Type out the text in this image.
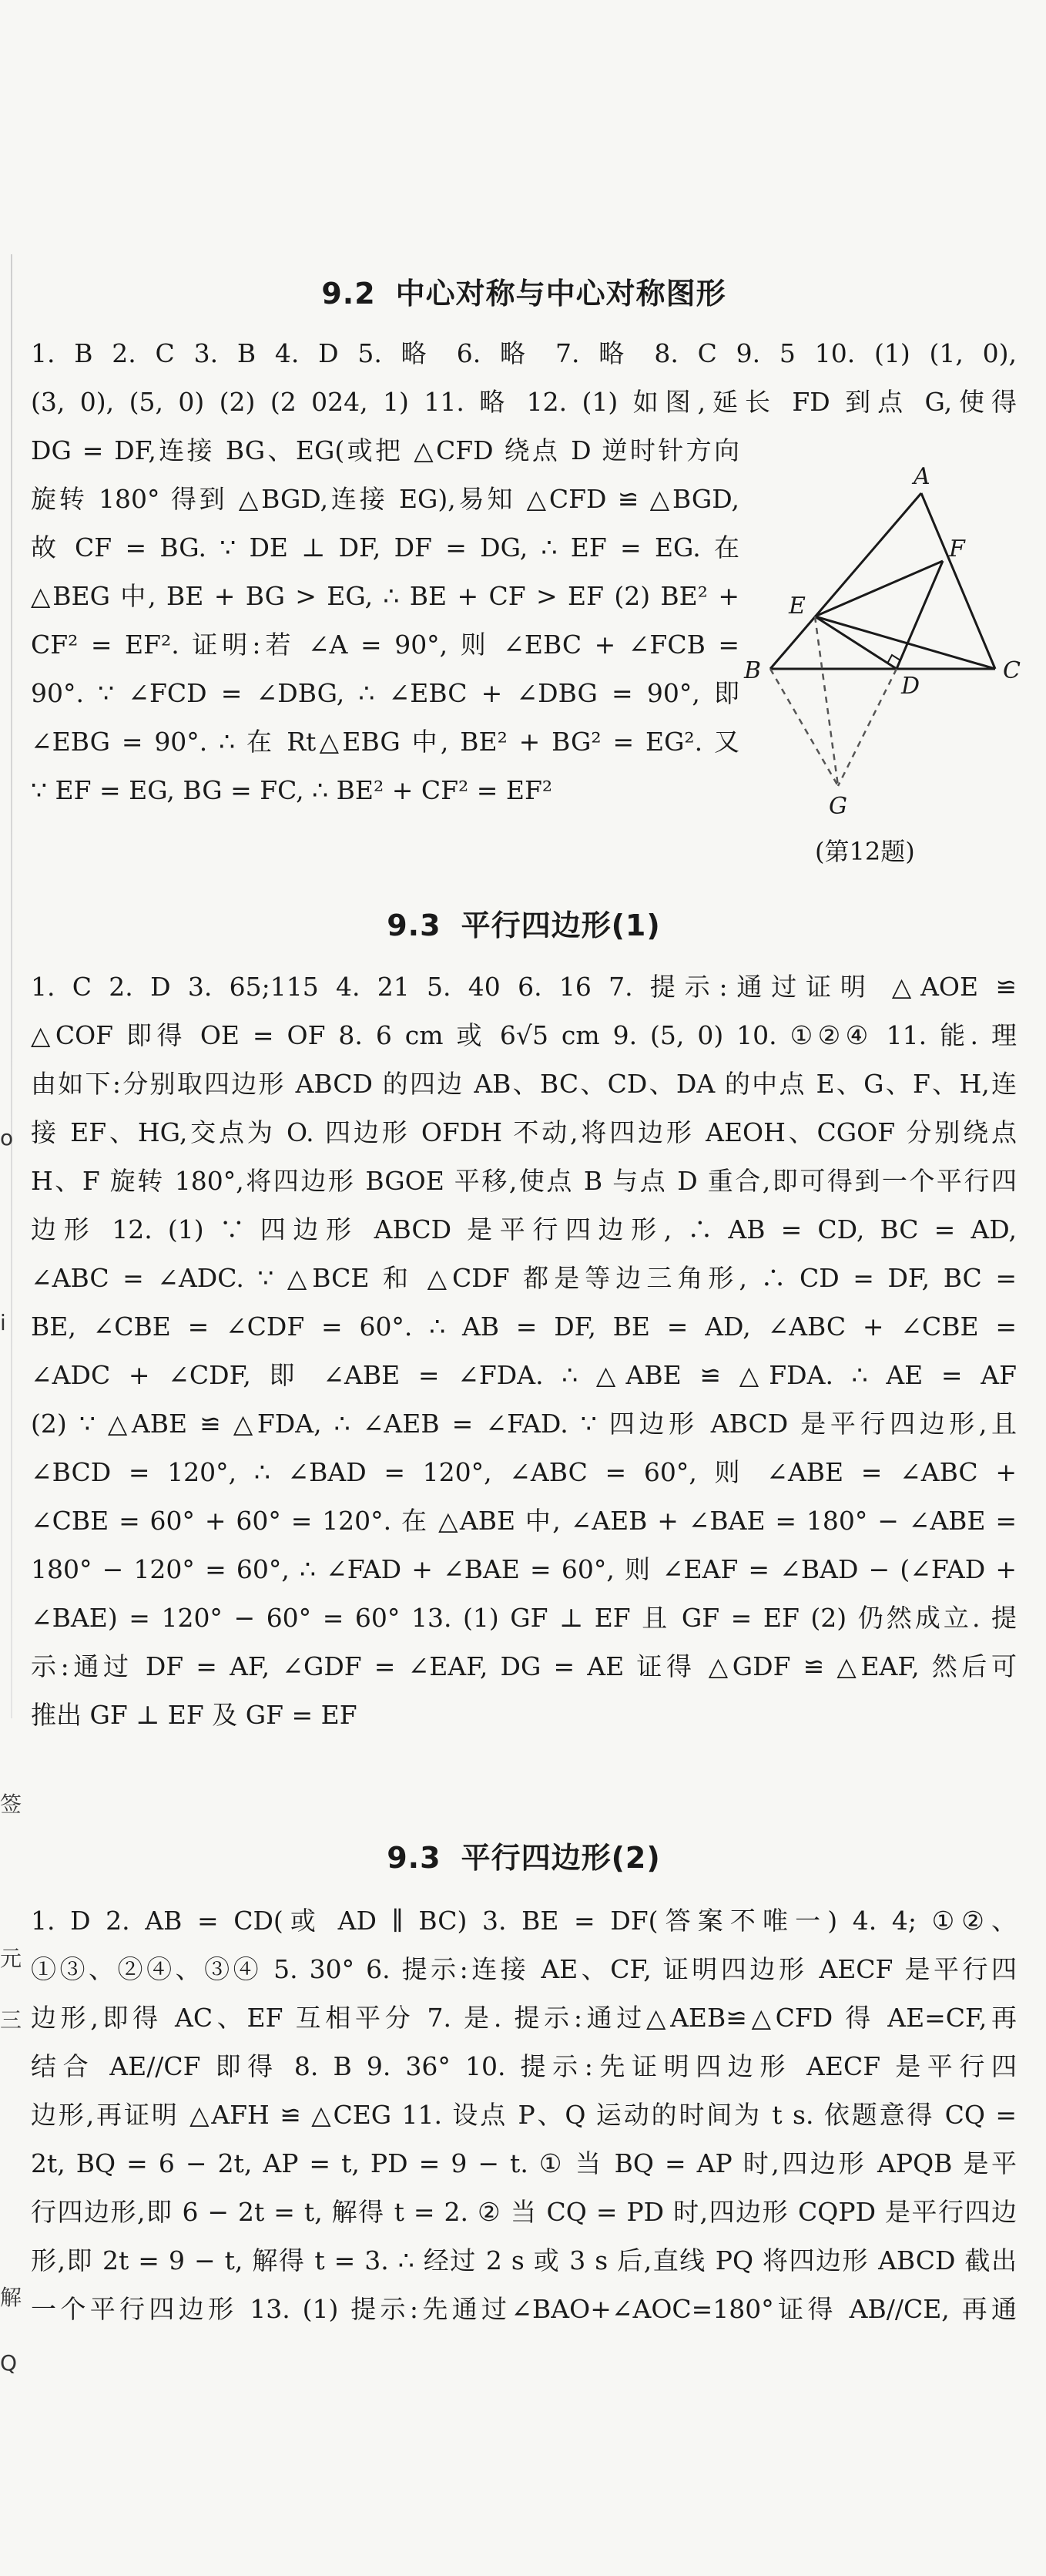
o
i
签
元
三
解
Q
9.2 中心对称与中心对称图形
1. B 2. C 3. B 4. D 5. 略 6. 略 7. 略 8. C 9. 5 10. (1) (1, 0),
(3, 0), (5, 0) (2) (2 024, 1) 11. 略 12. (1) 如图,延长 FD 到点 G,使得
DG = DF,连接 BG、EG(或把 △CFD 绕点 D 逆时针方向
旋转 180° 得到 △BGD,连接 EG),易知 △CFD ≌ △BGD,
故 CF = BG. ∵ DE ⊥ DF, DF = DG, ∴ EF = EG. 在
△BEG 中, BE + BG > EG, ∴ BE + CF > EF (2) BE² +
CF² = EF². 证明:若 ∠A = 90°, 则 ∠EBC + ∠FCB =
90°. ∵ ∠FCD = ∠DBG, ∴ ∠EBC + ∠DBG = 90°, 即
∠EBG = 90°. ∴ 在 Rt△EBG 中, BE² + BG² = EG². 又
∵ EF = EG, BG = FC, ∴ BE² + CF² = EF²
A
B	C
D
E
F
G
(第12题)
9.3 平行四边形(1)
1. C 2. D 3. 65;115 4. 21 5. 40 6. 16 7. 提示:通过证明 △AOE ≌
△COF 即得 OE = OF 8. 6 cm 或 6√5 cm 9. (5, 0) 10. ①②④ 11. 能. 理
由如下:分别取四边形 ABCD 的四边 AB、BC、CD、DA 的中点 E、G、F、H,连
接 EF、HG,交点为 O. 四边形 OFDH 不动,将四边形 AEOH、CGOF 分别绕点
H、F 旋转 180°,将四边形 BGOE 平移,使点 B 与点 D 重合,即可得到一个平行四
边形 12. (1) ∵ 四边形 ABCD 是平行四边形, ∴ AB = CD, BC = AD,
∠ABC = ∠ADC. ∵ △BCE 和 △CDF 都是等边三角形, ∴ CD = DF, BC =
BE, ∠CBE = ∠CDF = 60°. ∴ AB = DF, BE = AD, ∠ABC + ∠CBE =
∠ADC + ∠CDF, 即 ∠ABE = ∠FDA. ∴ △ABE ≌ △FDA. ∴ AE = AF
(2) ∵ △ABE ≌ △FDA, ∴ ∠AEB = ∠FAD. ∵ 四边形 ABCD 是平行四边形,且
∠BCD = 120°, ∴ ∠BAD = 120°, ∠ABC = 60°, 则 ∠ABE = ∠ABC +
∠CBE = 60° + 60° = 120°. 在 △ABE 中, ∠AEB + ∠BAE = 180° − ∠ABE =
180° − 120° = 60°, ∴ ∠FAD + ∠BAE = 60°, 则 ∠EAF = ∠BAD − (∠FAD +
∠BAE) = 120° − 60° = 60° 13. (1) GF ⊥ EF 且 GF = EF (2) 仍然成立. 提
示:通过 DF = AF, ∠GDF = ∠EAF, DG = AE 证得 △GDF ≌ △EAF, 然后可
推出 GF ⊥ EF 及 GF = EF
9.3 平行四边形(2)
1. D 2. AB = CD(或 AD ∥ BC) 3. BE = DF(答案不唯一) 4. 4; ①②、
①③、②④、③④ 5. 30° 6. 提示:连接 AE、CF, 证明四边形 AECF 是平行四
边形,即得 AC、EF 互相平分 7. 是. 提示:通过△AEB≌△CFD 得 AE=CF,再
结合 AE//CF 即得 8. B 9. 36° 10. 提示:先证明四边形 AECF 是平行四
边形,再证明 △AFH ≌ △CEG 11. 设点 P、Q 运动的时间为 t s. 依题意得 CQ =
2t, BQ = 6 − 2t, AP = t, PD = 9 − t. ① 当 BQ = AP 时,四边形 APQB 是平
行四边形,即 6 − 2t = t, 解得 t = 2. ② 当 CQ = PD 时,四边形 CQPD 是平行四边
形,即 2t = 9 − t, 解得 t = 3. ∴ 经过 2 s 或 3 s 后,直线 PQ 将四边形 ABCD 截出
一个平行四边形 13. (1) 提示:先通过∠BAO+∠AOC=180°证得 AB//CE, 再通
